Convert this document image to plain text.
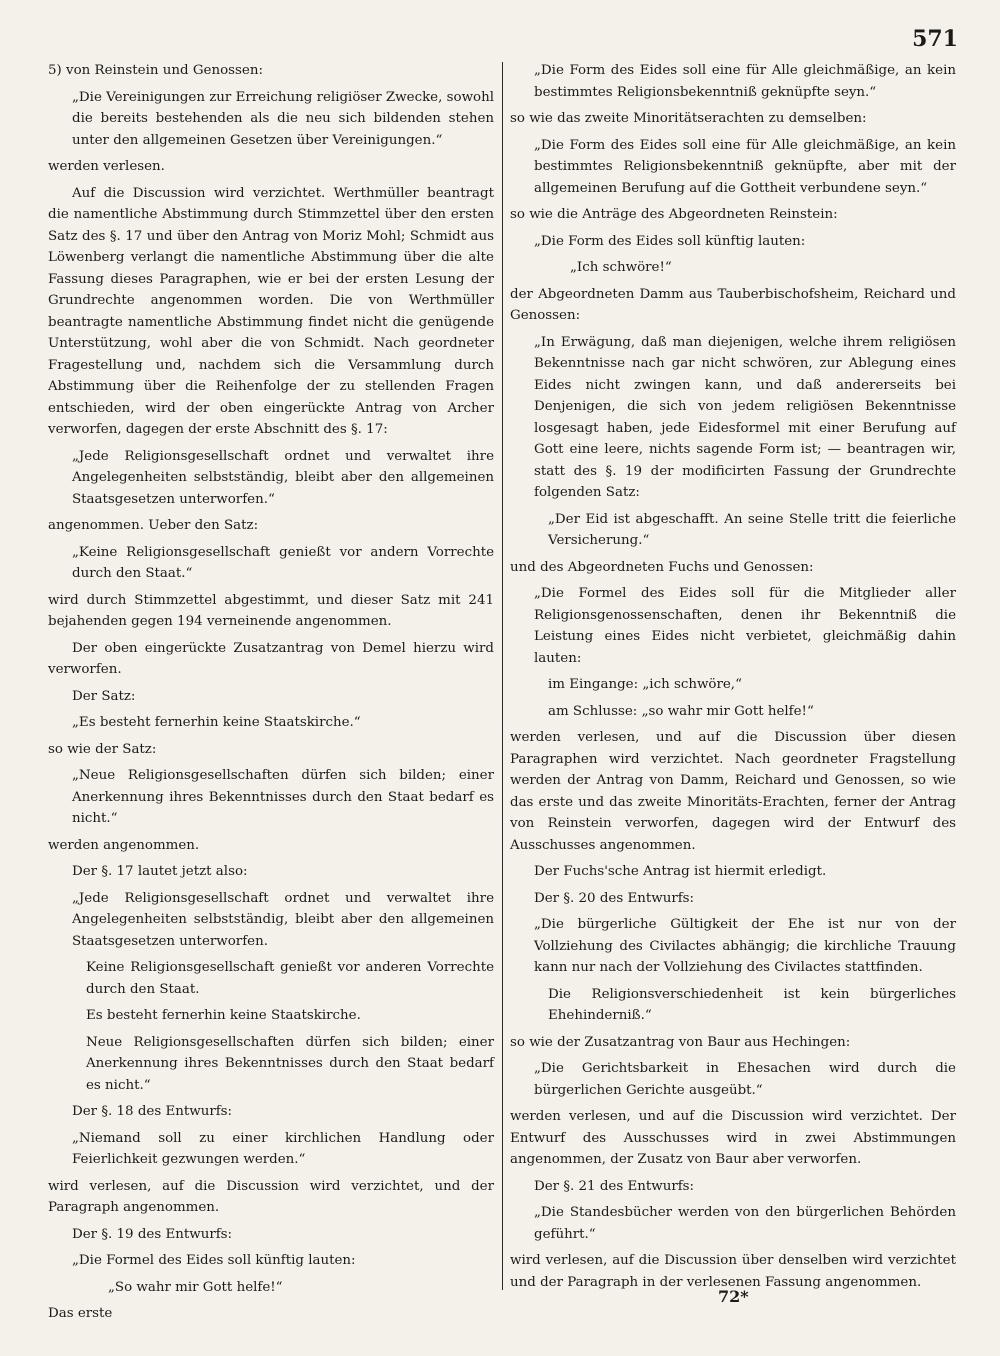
571

5) von Reinstein und Genossen:

„Die Vereinigungen zur Erreichung religiöser Zwecke, sowohl die bereits bestehenden als die neu sich bildenden stehen unter den allgemeinen Gesetzen über Vereinigungen.“

werden verlesen.

Auf die Discussion wird verzichtet. Werthmüller beantragt die namentliche Abstimmung durch Stimmzettel über den ersten Satz des §. 17 und über den Antrag von Moriz Mohl; Schmidt aus Löwenberg verlangt die namentliche Abstimmung über die alte Fassung dieses Paragraphen, wie er bei der ersten Lesung der Grundrechte angenommen worden. Die von Werthmüller beantragte namentliche Abstimmung findet nicht die genügende Unterstützung, wohl aber die von Schmidt. Nach geordneter Fragestellung und, nachdem sich die Versammlung durch Abstimmung über die Reihenfolge der zu stellenden Fragen entschieden, wird der oben eingerückte Antrag von Archer verworfen, dagegen der erste Abschnitt des §. 17:

„Jede Religionsgesellschaft ordnet und verwaltet ihre Angelegenheiten selbstständig, bleibt aber den allgemeinen Staatsgesetzen unterworfen.“

angenommen. Ueber den Satz:

„Keine Religionsgesellschaft genießt vor andern Vorrechte durch den Staat.“

wird durch Stimmzettel abgestimmt, und dieser Satz mit 241 bejahenden gegen 194 verneinende angenommen.

Der oben eingerückte Zusatzantrag von Demel hierzu wird verworfen.

Der Satz:

„Es besteht fernerhin keine Staatskirche.“

so wie der Satz:

„Neue Religionsgesellschaften dürfen sich bilden; einer Anerkennung ihres Bekenntnisses durch den Staat bedarf es nicht.“

werden angenommen.

Der §. 17 lautet jetzt also:

„Jede Religionsgesellschaft ordnet und verwaltet ihre Angelegenheiten selbstständig, bleibt aber den allgemeinen Staatsgesetzen unterworfen.

Keine Religionsgesellschaft genießt vor anderen Vorrechte durch den Staat.

Es besteht fernerhin keine Staatskirche.

Neue Religionsgesellschaften dürfen sich bilden; einer Anerkennung ihres Bekenntnisses durch den Staat bedarf es nicht.“

Der §. 18 des Entwurfs:

„Niemand soll zu einer kirchlichen Handlung oder Feierlichkeit gezwungen werden.“

wird verlesen, auf die Discussion wird verzichtet, und der Paragraph angenommen.

Der §. 19 des Entwurfs:

„Die Formel des Eides soll künftig lauten:

„So wahr mir Gott helfe!“

Das erste

„Die Form des Eides soll eine für Alle gleichmäßige, an kein bestimmtes Religionsbekenntniß geknüpfte seyn.“

so wie das zweite Minoritätserachten zu demselben:

„Die Form des Eides soll eine für Alle gleichmäßige, an kein bestimmtes Religionsbekenntniß geknüpfte, aber mit der allgemeinen Berufung auf die Gottheit verbundene seyn.“

so wie die Anträge des Abgeordneten Reinstein:

„Die Form des Eides soll künftig lauten:

„Ich schwöre!“

der Abgeordneten Damm aus Tauberbischofsheim, Reichard und Genossen:

„In Erwägung, daß man diejenigen, welche ihrem religiösen Bekenntnisse nach gar nicht schwören, zur Ablegung eines Eides nicht zwingen kann, und daß andererseits bei Denjenigen, die sich von jedem religiösen Bekenntnisse losgesagt haben, jede Eidesformel mit einer Berufung auf Gott eine leere, nichts sagende Form ist; — beantragen wir, statt des §. 19 der modificirten Fassung der Grundrechte folgenden Satz:

„Der Eid ist abgeschafft. An seine Stelle tritt die feierliche Versicherung.“

und des Abgeordneten Fuchs und Genossen:

„Die Formel des Eides soll für die Mitglieder aller Religionsgenossenschaften, denen ihr Bekenntniß die Leistung eines Eides nicht verbietet, gleichmäßig dahin lauten:

im Eingange: „ich schwöre,“

am Schlusse: „so wahr mir Gott helfe!“

werden verlesen, und auf die Discussion über diesen Paragraphen wird verzichtet. Nach geordneter Fragstellung werden der Antrag von Damm, Reichard und Genossen, so wie das erste und das zweite Minoritäts-Erachten, ferner der Antrag von Reinstein verworfen, dagegen wird der Entwurf des Ausschusses angenommen.

Der Fuchs'sche Antrag ist hiermit erledigt.

Der §. 20 des Entwurfs:

„Die bürgerliche Gültigkeit der Ehe ist nur von der Vollziehung des Civilactes abhängig; die kirchliche Trauung kann nur nach der Vollziehung des Civilactes stattfinden.

Die Religionsverschiedenheit ist kein bürgerliches Ehehinderniß.“

so wie der Zusatzantrag von Baur aus Hechingen:

„Die Gerichtsbarkeit in Ehesachen wird durch die bürgerlichen Gerichte ausgeübt.“

werden verlesen, und auf die Discussion wird verzichtet. Der Entwurf des Ausschusses wird in zwei Abstimmungen angenommen, der Zusatz von Baur aber verworfen.

Der §. 21 des Entwurfs:

„Die Standesbücher werden von den bürgerlichen Behörden geführt.“

wird verlesen, auf die Discussion über denselben wird verzichtet und der Paragraph in der verlesenen Fassung angenommen.

72*
